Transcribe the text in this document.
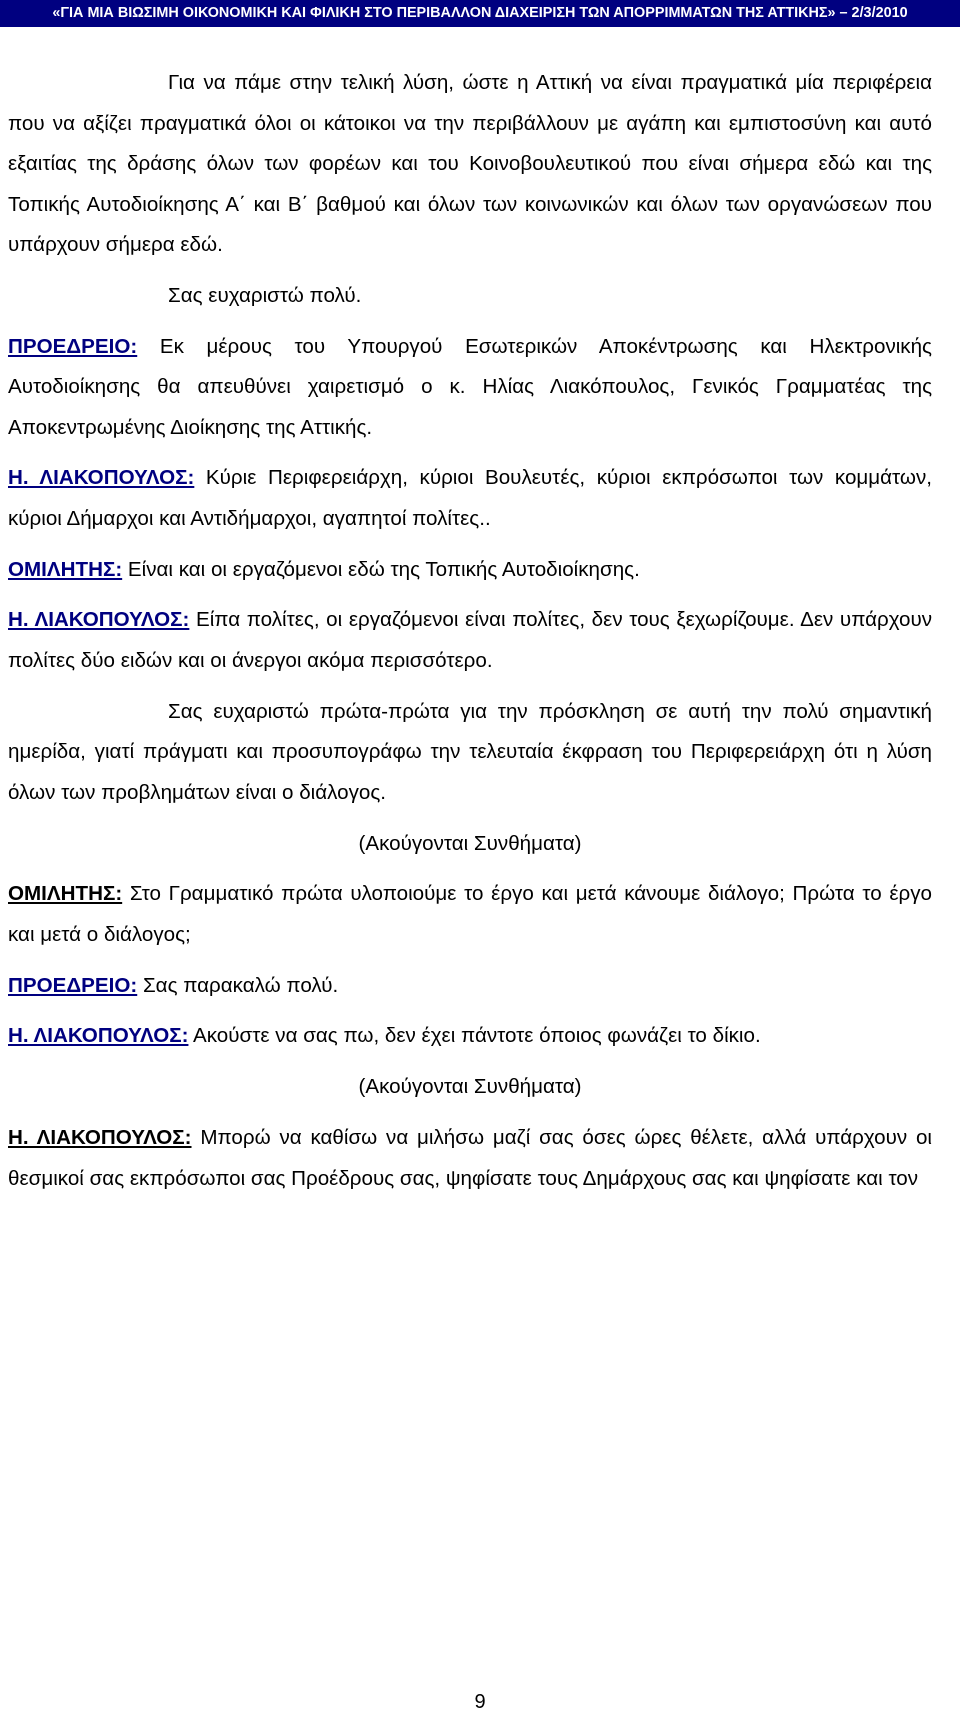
«ΓΙΑ ΜΙΑ ΒΙΩΣΙΜΗ ΟΙΚΟΝΟΜΙΚΗ ΚΑΙ ΦΙΛΙΚΗ ΣΤΟ ΠΕΡΙΒΑΛΛΟΝ ΔΙΑΧΕΙΡΙΣΗ ΤΩΝ ΑΠΟΡΡΙΜΜΑΤΩΝ ΤΗΣ ΑΤΤΙΚΗΣ» – 2/3/2010

Για να πάμε στην τελική λύση, ώστε η Αττική να είναι πραγματικά μία περιφέρεια που να αξίζει πραγματικά όλοι οι κάτοικοι να την περιβάλλουν με αγάπη και εμπιστοσύνη και αυτό εξαιτίας της δράσης όλων των φορέων και του Κοινοβουλευτικού που είναι σήμερα εδώ και της Τοπικής Αυτοδιοίκησης Α΄ και Β΄ βαθμού και όλων των κοινωνικών και όλων των οργανώσεων που υπάρχουν σήμερα εδώ.

Σας ευχαριστώ πολύ.

ΠΡΟΕΔΡΕΙΟ: Εκ μέρους του Υπουργού Εσωτερικών Αποκέντρωσης και Ηλεκτρονικής Αυτοδιοίκησης θα απευθύνει χαιρετισμό ο κ. Ηλίας Λιακόπουλος, Γενικός Γραμματέας της Αποκεντρωμένης Διοίκησης της Αττικής.

Η. ΛΙΑΚΟΠΟΥΛΟΣ: Κύριε Περιφερειάρχη, κύριοι Βουλευτές, κύριοι εκπρόσωποι των κομμάτων, κύριοι Δήμαρχοι και Αντιδήμαρχοι, αγαπητοί πολίτες..

ΟΜΙΛΗΤΗΣ: Είναι και οι εργαζόμενοι εδώ της Τοπικής Αυτοδιοίκησης.

Η. ΛΙΑΚΟΠΟΥΛΟΣ: Είπα πολίτες, οι εργαζόμενοι είναι πολίτες, δεν τους ξεχωρίζουμε. Δεν υπάρχουν πολίτες δύο ειδών και οι άνεργοι ακόμα περισσότερο.

Σας ευχαριστώ πρώτα-πρώτα για την πρόσκληση σε αυτή την πολύ σημαντική ημερίδα, γιατί πράγματι και προσυπογράφω την τελευταία έκφραση του Περιφερειάρχη ότι η λύση όλων των προβλημάτων είναι ο διάλογος.

(Ακούγονται Συνθήματα)

ΟΜΙΛΗΤΗΣ: Στο Γραμματικό πρώτα υλοποιούμε το έργο και μετά κάνουμε διάλογο; Πρώτα το έργο και μετά ο διάλογος;

ΠΡΟΕΔΡΕΙΟ: Σας παρακαλώ πολύ.

Η. ΛΙΑΚΟΠΟΥΛΟΣ: Ακούστε να σας πω, δεν έχει πάντοτε όποιος φωνάζει το δίκιο.

(Ακούγονται Συνθήματα)

Η. ΛΙΑΚΟΠΟΥΛΟΣ: Μπορώ να καθίσω να μιλήσω μαζί σας όσες ώρες θέλετε, αλλά υπάρχουν οι θεσμικοί σας εκπρόσωποι σας Προέδρους σας, ψηφίσατε τους Δημάρχους σας και ψηφίσατε και τον

9
